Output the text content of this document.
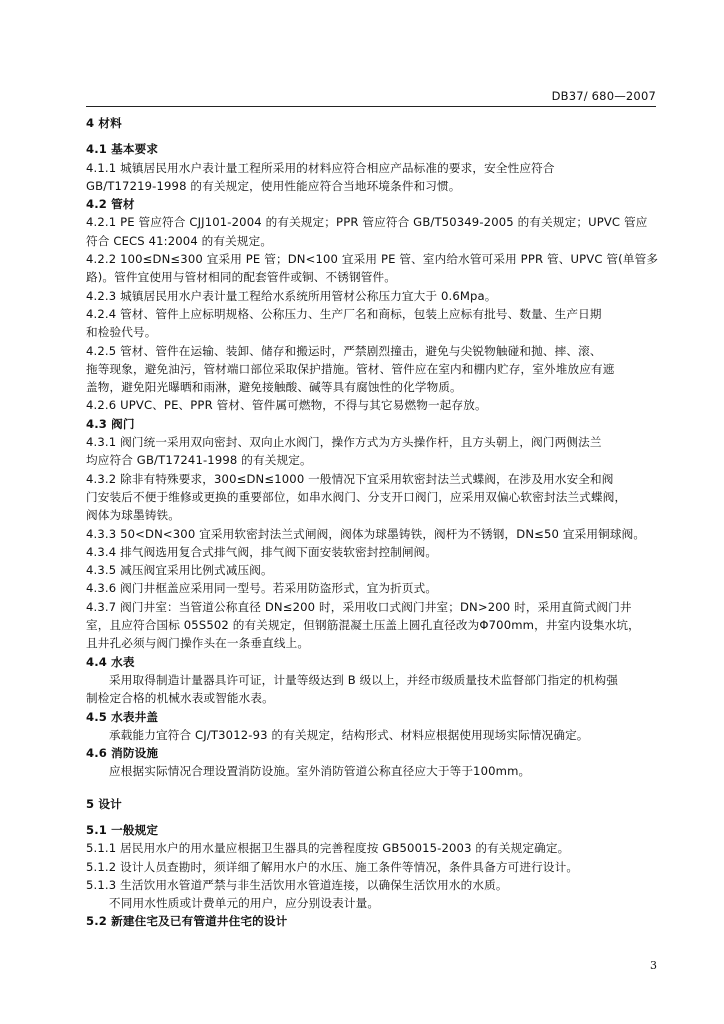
DB37/ 680—2007
4 材料
4.1 基本要求
4.1.1 城镇居民用水户表计量工程所采用的材料应符合相应产品标准的要求，安全性应符合
GB/T17219-1998 的有关规定，使用性能应符合当地环境条件和习惯。
4.2 管材
4.2.1 PE 管应符合 CJJ101-2004 的有关规定；PPR 管应符合 GB/T50349-2005 的有关规定；UPVC 管应
符合 CECS 41:2004 的有关规定。
4.2.2 100≤DN≤300 宜采用 PE 管；DN<100 宜采用 PE 管、室内给水管可采用 PPR 管、UPVC 管(单管多
路)。管件宜使用与管材相同的配套管件或铜、不锈钢管件。
4.2.3 城镇居民用水户表计量工程给水系统所用管材公称压力宜大于 0.6Mpa。
4.2.4 管材、管件上应标明规格、公称压力、生产厂名和商标，包装上应标有批号、数量、生产日期
和检验代号。
4.2.5 管材、管件在运输、装卸、储存和搬运时，严禁剧烈撞击，避免与尖锐物触碰和抛、摔、滚、
拖等现象，避免油污，管材端口部位采取保护措施。管材、管件应在室内和棚内贮存，室外堆放应有遮
盖物，避免阳光曝晒和雨淋，避免接触酸、碱等具有腐蚀性的化学物质。
4.2.6 UPVC、PE、PPR 管材、管件属可燃物，不得与其它易燃物一起存放。
4.3 阀门
4.3.1 阀门统一采用双向密封、双向止水阀门，操作方式为方头操作杆，且方头朝上，阀门两侧法兰
均应符合 GB/T17241-1998 的有关规定。
4.3.2 除非有特殊要求，300≤DN≤1000 一般情况下宜采用软密封法兰式蝶阀，在涉及用水安全和阀
门安装后不便于维修或更换的重要部位，如串水阀门、分支开口阀门，应采用双偏心软密封法兰式蝶阀，
阀体为球墨铸铁。
4.3.3 50<DN<300 宜采用软密封法兰式闸阀，阀体为球墨铸铁，阀杆为不锈钢，DN≤50 宜采用铜球阀。
4.3.4 排气阀选用复合式排气阀，排气阀下面安装软密封控制闸阀。
4.3.5 减压阀宜采用比例式减压阀。
4.3.6 阀门井框盖应采用同一型号。若采用防盗形式，宜为折页式。
4.3.7 阀门井室：当管道公称直径 DN≤200 时，采用收口式阀门井室；DN>200 时，采用直筒式阀门井
室，且应符合国标 05S502 的有关规定，但钢筋混凝土压盖上圆孔直径改为Φ700mm，井室内设集水坑，
且井孔必须与阀门操作头在一条垂直线上。
4.4 水表
采用取得制造计量器具许可证，计量等级达到 B 级以上，并经市级质量技术监督部门指定的机构强
制检定合格的机械水表或智能水表。
4.5 水表井盖
承载能力宜符合 CJ/T3012-93 的有关规定，结构形式、材料应根据使用现场实际情况确定。
4.6 消防设施
应根据实际情况合理设置消防设施。室外消防管道公称直径应大于等于100mm。
5 设计
5.1 一般规定
5.1.1 居民用水户的用水量应根据卫生器具的完善程度按 GB50015-2003 的有关规定确定。
5.1.2 设计人员查勘时，须详细了解用水户的水压、施工条件等情况，条件具备方可进行设计。
5.1.3 生活饮用水管道严禁与非生活饮用水管道连接，以确保生活饮用水的水质。
不同用水性质或计费单元的用户，应分别设表计量。
5.2 新建住宅及已有管道井住宅的设计
3
